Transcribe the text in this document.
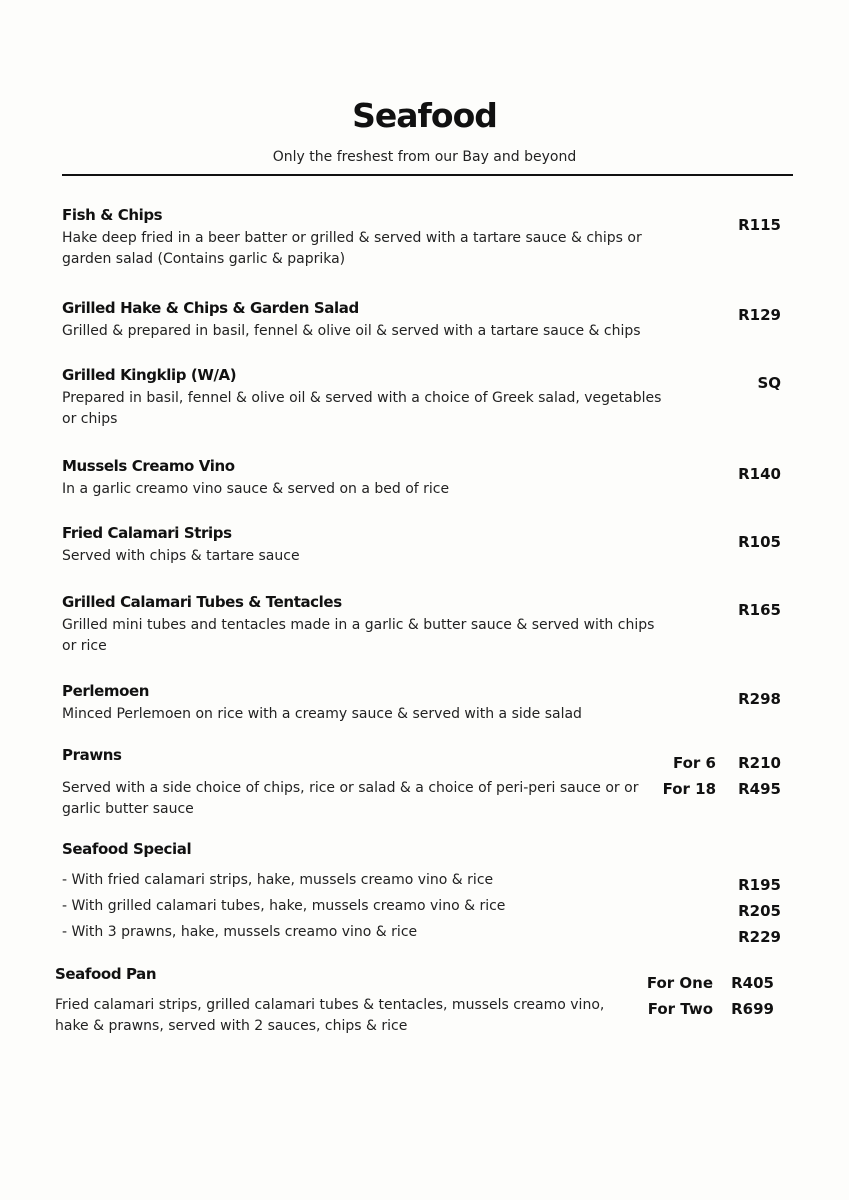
Seafood
Only the freshest from our Bay and beyond
Fish & Chips
Hake deep fried in a beer batter or grilled & served with a tartare sauce & chips or garden salad (Contains garlic & paprika)
R115
Grilled Hake & Chips & Garden Salad
Grilled & prepared in basil, fennel & olive oil & served with a tartare sauce & chips
R129
Grilled Kingklip (W/A)
Prepared in basil, fennel & olive oil & served with a choice of Greek salad, vegetables or chips
SQ
Mussels Creamo Vino
In a garlic creamo vino sauce & served on a bed of rice
R140
Fried Calamari Strips
Served with chips & tartare sauce
R105
Grilled Calamari Tubes & Tentacles
Grilled mini tubes and tentacles made in a garlic & butter sauce & served with chips or rice
R165
Perlemoen
Minced Perlemoen on rice with a creamy sauce & served with a side salad
R298
Prawns
Served with a side choice of chips, rice or salad & a choice of peri-peri sauce or or garlic butter sauce
For 6 R210
For 18 R495
Seafood Special
- With fried calamari strips, hake, mussels creamo vino & rice	R195
- With grilled calamari tubes, hake, mussels creamo vino & rice	R205
- With 3 prawns, hake, mussels creamo vino & rice	R229
Seafood Pan
Fried calamari strips, grilled calamari tubes & tentacles, mussels creamo vino, hake & prawns, served with 2 sauces, chips & rice
For One R405
For Two R699
